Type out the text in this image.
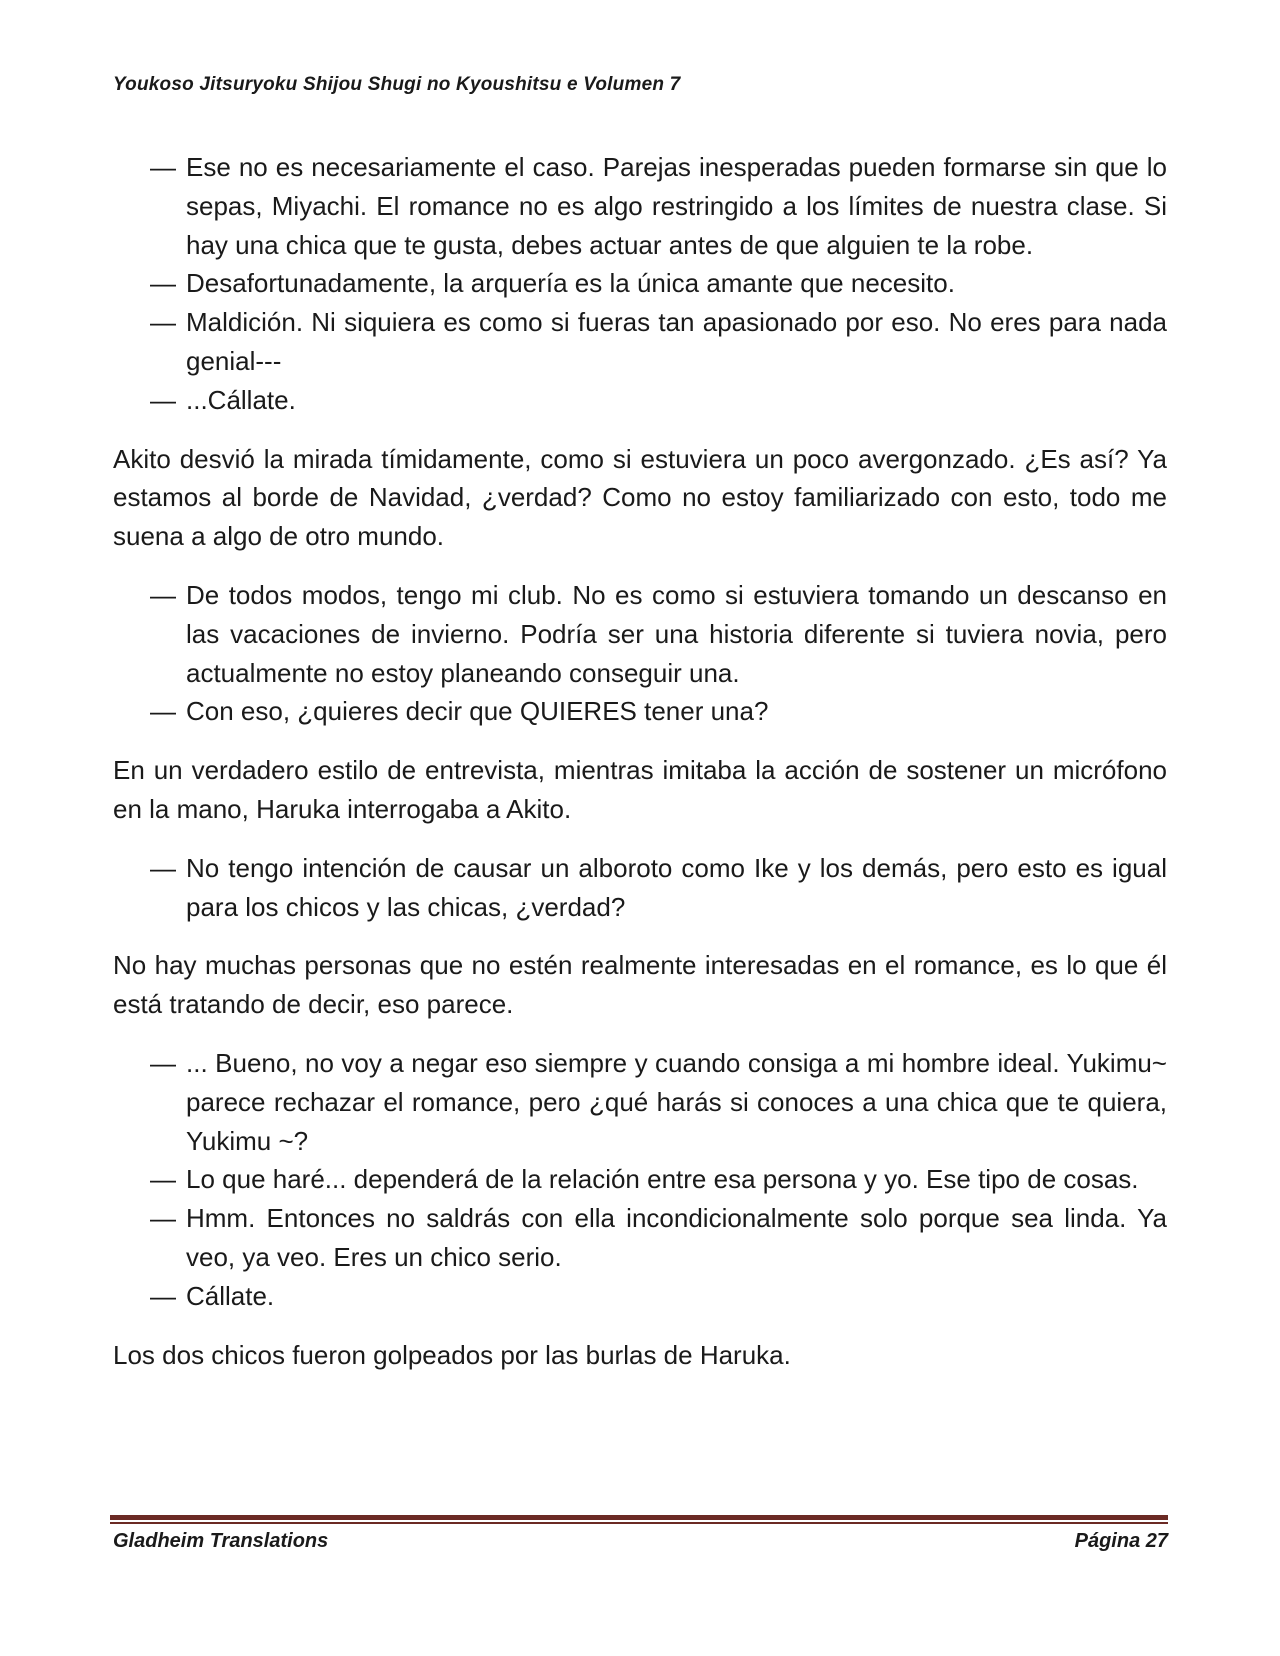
Youkoso Jitsuryoku Shijou Shugi no Kyoushitsu e Volumen 7
— Ese no es necesariamente el caso. Parejas inesperadas pueden formarse sin que lo sepas, Miyachi. El romance no es algo restringido a los límites de nuestra clase. Si hay una chica que te gusta, debes actuar antes de que alguien te la robe.
— Desafortunadamente, la arquería es la única amante que necesito.
— Maldición. Ni siquiera es como si fueras tan apasionado por eso. No eres para nada genial---
— ...Cállate.

Akito desvió la mirada tímidamente, como si estuviera un poco avergonzado. ¿Es así? Ya estamos al borde de Navidad, ¿verdad? Como no estoy familiarizado con esto, todo me suena a algo de otro mundo.

— De todos modos, tengo mi club. No es como si estuviera tomando un descanso en las vacaciones de invierno. Podría ser una historia diferente si tuviera novia, pero actualmente no estoy planeando conseguir una.
— Con eso, ¿quieres decir que QUIERES tener una?

En un verdadero estilo de entrevista, mientras imitaba la acción de sostener un micrófono en la mano, Haruka interrogaba a Akito.

— No tengo intención de causar un alboroto como Ike y los demás, pero esto es igual para los chicos y las chicas, ¿verdad?

No hay muchas personas que no estén realmente interesadas en el romance, es lo que él está tratando de decir, eso parece.

— ... Bueno, no voy a negar eso siempre y cuando consiga a mi hombre ideal. Yukimu~ parece rechazar el romance, pero ¿qué harás si conoces a una chica que te quiera, Yukimu ~?
— Lo que haré... dependerá de la relación entre esa persona y yo. Ese tipo de cosas.
— Hmm. Entonces no saldrás con ella incondicionalmente solo porque sea linda. Ya veo, ya veo. Eres un chico serio.
— Cállate.

Los dos chicos fueron golpeados por las burlas de Haruka.

Gladheim Translations	Página 27
